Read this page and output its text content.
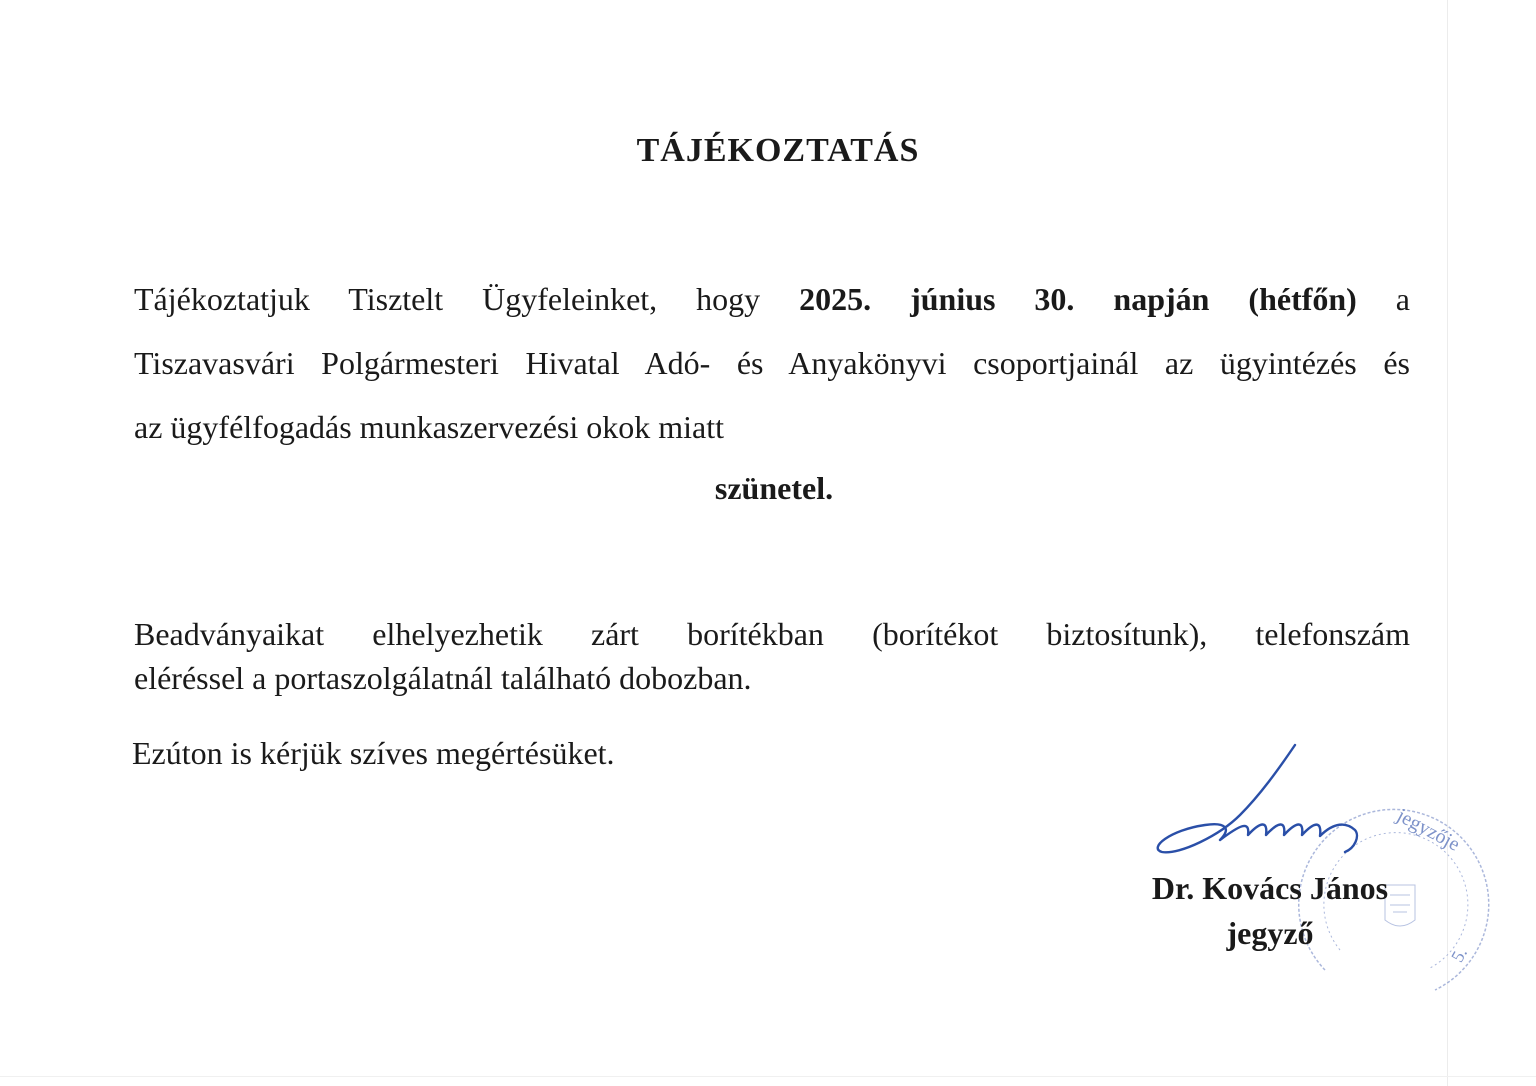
TÁJÉKOZTATÁS
Tájékoztatjuk Tisztelt Ügyfeleinket, hogy 2025. június 30. napján (hétfőn) a
Tiszavasvári Polgármesteri Hivatal Adó- és Anyakönyvi csoportjainál az ügyintézés és
az ügyfélfogadás munkaszervezési okok miatt
szünetel.
Beadványaikat elhelyezhetik zárt borítékban (borítékot biztosítunk), telefonszám
eléréssel a portaszolgálatnál található dobozban.
Ezúton is kérjük szíves megértésüket.
jegyzője
5.
Dr. Kovács János
jegyző
